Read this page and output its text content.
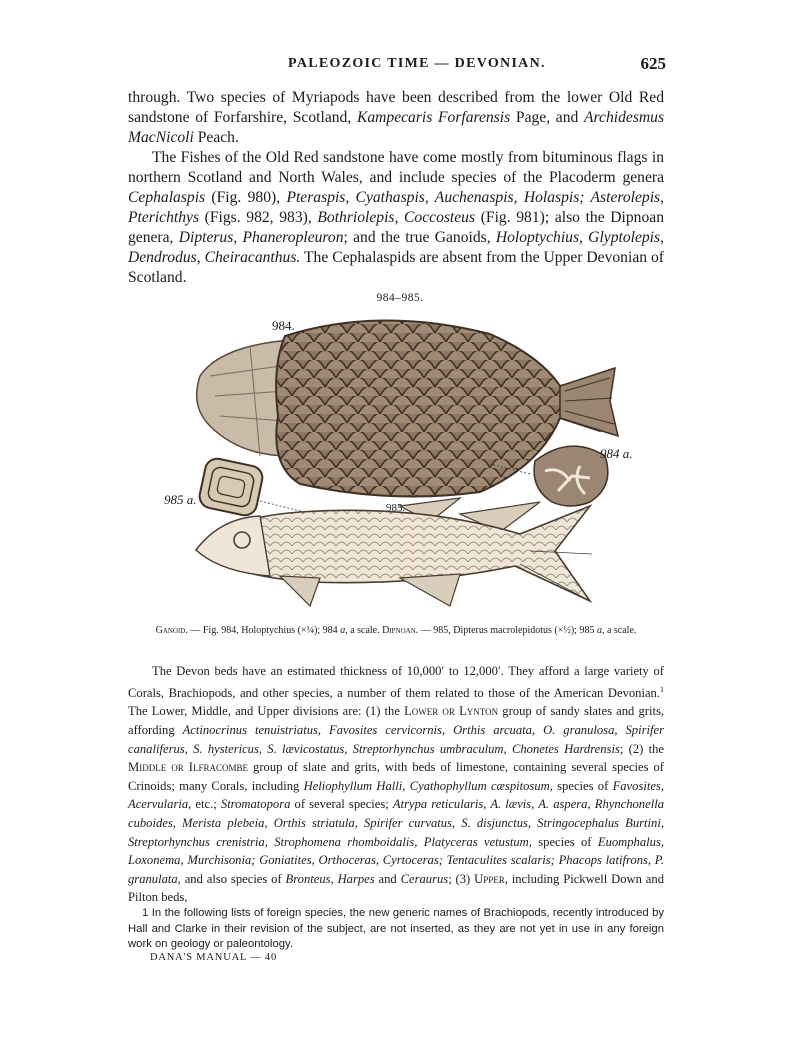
PALEOZOIC TIME — DEVONIAN.	625
through. Two species of Myriapods have been described from the lower Old Red sandstone of Forfarshire, Scotland, Kampecaris Forfarensis Page, and Archidesmus MacNicoli Peach.
The Fishes of the Old Red sandstone have come mostly from bituminous flags in northern Scotland and North Wales, and include species of the Placoderm genera Cephalaspis (Fig. 980), Pteraspis, Cyathaspis, Auchenaspis, Holaspis; Asterolepis, Pterichthys (Figs. 982, 983), Bothriolepis, Coccosteus (Fig. 981); also the Dipnoan genera, Dipterus, Phaneropleuron; and the true Ganoids, Holoptychius, Glyptolepis, Dendrodus, Cheiracanthus. The Cephalaspids are absent from the Upper Devonian of Scotland.
984–985.
984.
984 a.
985 a.
985.
Ganoid. — Fig. 984, Holoptychius (×¼); 984 a, a scale. Dipnoan. — 985, Dipterus macrolepidotus (×½); 985 a, a scale.
The Devon beds have an estimated thickness of 10,000′ to 12,000′. They afford a large variety of Corals, Brachiopods, and other species, a number of them related to those of the American Devonian.$^1$ The Lower, Middle, and Upper divisions are: (1) the Lower or Lynton group of sandy slates and grits, affording Actinocrinus tenuistriatus, Favosites cervicornis, Orthis arcuata, O. granulosa, Spirifer canaliferus, S. hystericus, S. lævicostatus, Streptorhynchus umbraculum, Chonetes Hardrensis; (2) the Middle or Ilfracombe group of slate and grits, with beds of limestone, containing several species of Crinoids; many Corals, including Heliophyllum Halli, Cyathophyllum cæspitosum, species of Favosites, Acervularia, etc.; Stromatopora of several species; Atrypa reticularis, A. lævis, A. aspera, Rhynchonella cuboides, Merista plebeia, Orthis striatula, Spirifer curvatus, S. disjunctus, Stringocephalus Burtini, Streptorhynchus crenistria, Strophomena rhomboidalis, Platyceras vetustum, species of Euomphalus, Loxonema, Murchisonia; Goniatites, Orthoceras, Cyrtoceras; Tentaculites scalaris; Phacops latifrons, P. granulata, and also species of Bronteus, Harpes and Ceraurus; (3) Upper, including Pickwell Down and Pilton beds,
1 In the following lists of foreign species, the new generic names of Brachiopods, recently introduced by Hall and Clarke in their revision of the subject, are not inserted, as they are not yet in use in any foreign work on geology or paleontology.
DANA'S MANUAL — 40
